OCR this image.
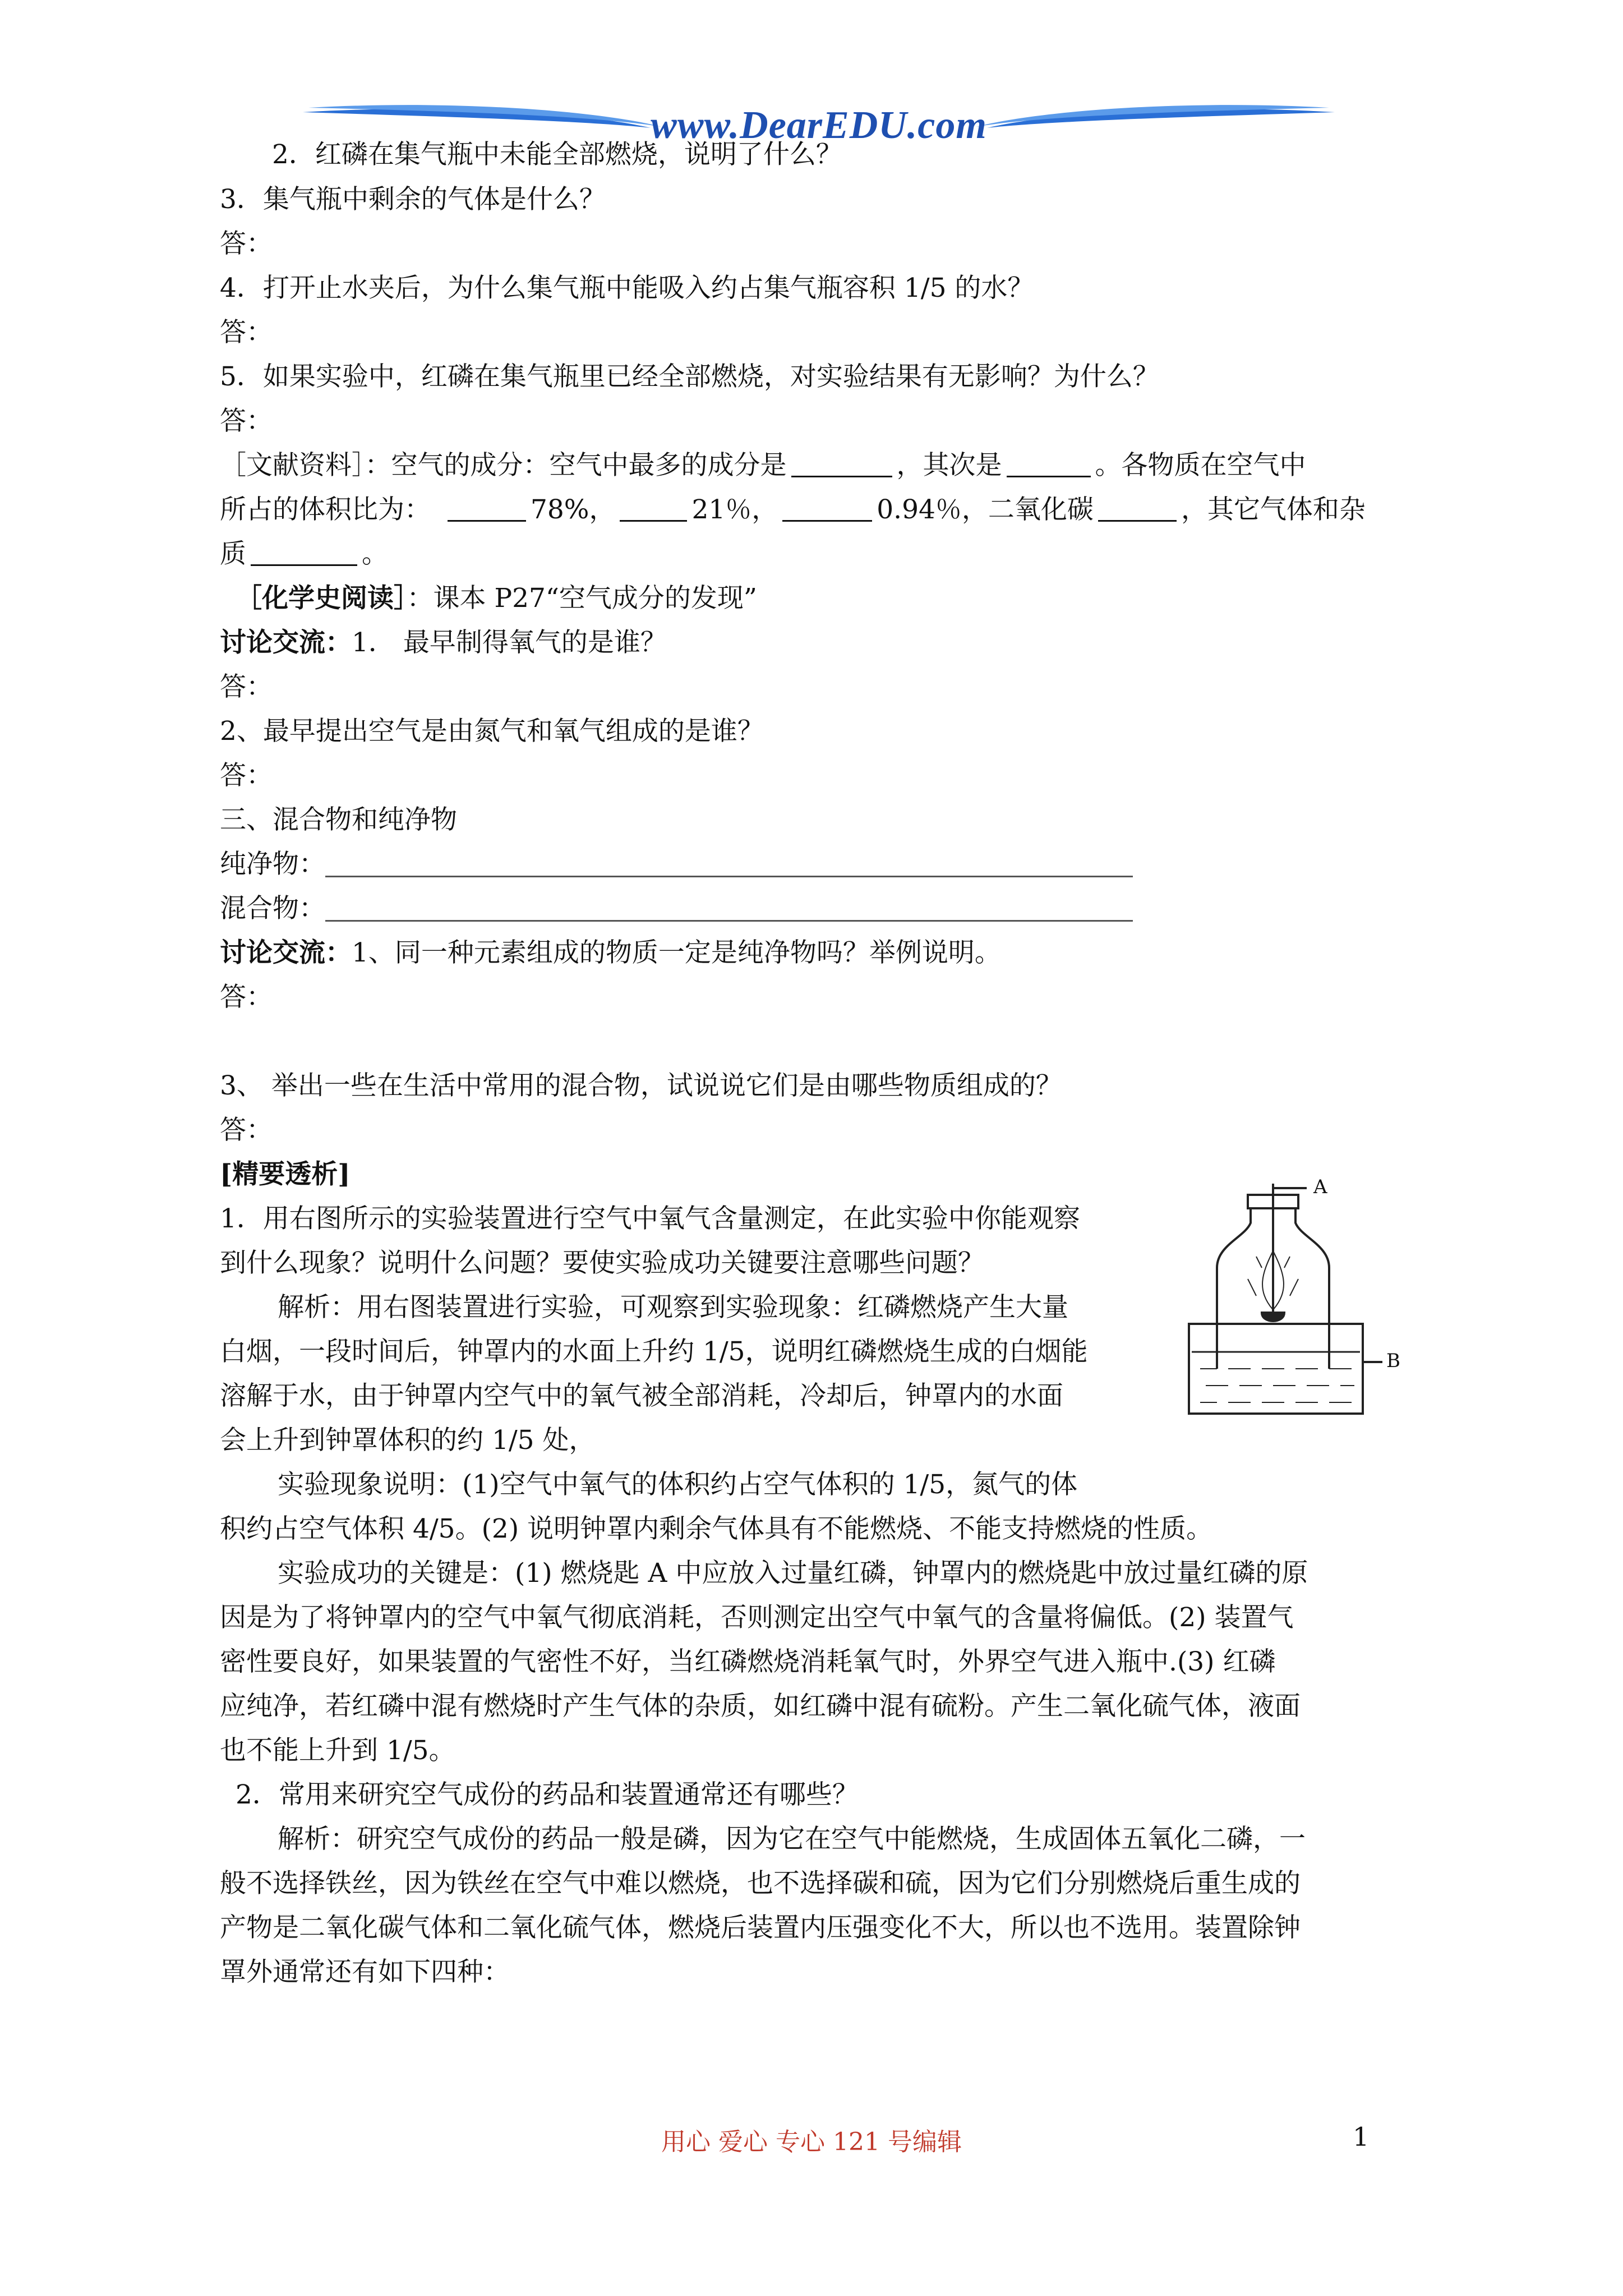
www.DearEDU.com
2．红磷在集气瓶中未能全部燃烧，说明了什么？
3．集气瓶中剩余的气体是什么？
答：
4．打开止水夹后，为什么集气瓶中能吸入约占集气瓶容积 1/5 的水？
答：
5．如果实验中，红磷在集气瓶里已经全部燃烧，对实验结果有无影响？为什么？
答：
［文献资料］：空气的成分：空气中最多的成分是	，其次是	。各物质在空气中
所占的体积比为：	78%，	21％，	0.94％，二氧化碳	，其它气体和杂
质	。
［化学史阅读］：课本 P27“空气成分的发现”
讨论交流：1． 最早制得氧气的是谁？
答：
2、最早提出空气是由氮气和氧气组成的是谁？
答：
三、混合物和纯净物
纯净物：
混合物：
讨论交流：1、同一种元素组成的物质一定是纯净物吗？举例说明。
答：
3、 举出一些在生活中常用的混合物，试说说它们是由哪些物质组成的？
答：
[精要透析]
1．用右图所示的实验装置进行空气中氧气含量测定，在此实验中你能观察
到什么现象？说明什么问题？要使实验成功关键要注意哪些问题？
解析：用右图装置进行实验，可观察到实验现象：红磷燃烧产生大量
白烟，一段时间后，钟罩内的水面上升约 1/5，说明红磷燃烧生成的白烟能
溶解于水，由于钟罩内空气中的氧气被全部消耗，冷却后，钟罩内的水面
会上升到钟罩体积的约 1/5 处，
实验现象说明：(1)空气中氧气的体积约占空气体积的 1/5，氮气的体
积约占空气体积 4/5。(2) 说明钟罩内剩余气体具有不能燃烧、不能支持燃烧的性质。
实验成功的关键是：(1) 燃烧匙 A 中应放入过量红磷，钟罩内的燃烧匙中放过量红磷的原
因是为了将钟罩内的空气中氧气彻底消耗，否则测定出空气中氧气的含量将偏低。(2) 装置气
密性要良好，如果装置的气密性不好，当红磷燃烧消耗氧气时，外界空气进入瓶中.(3) 红磷
应纯净，若红磷中混有燃烧时产生气体的杂质，如红磷中混有硫粉。产生二氧化硫气体，液面
也不能上升到 1/5。
2．常用来研究空气成份的药品和装置通常还有哪些？
解析：研究空气成份的药品一般是磷，因为它在空气中能燃烧，生成固体五氧化二磷，一
般不选择铁丝，因为铁丝在空气中难以燃烧，也不选择碳和硫，因为它们分别燃烧后重生成的
产物是二氧化碳气体和二氧化硫气体，燃烧后装置内压强变化不大，所以也不选用。装置除钟
罩外通常还有如下四种：
A
B
用心 爱心 专心 121 号编辑	1
